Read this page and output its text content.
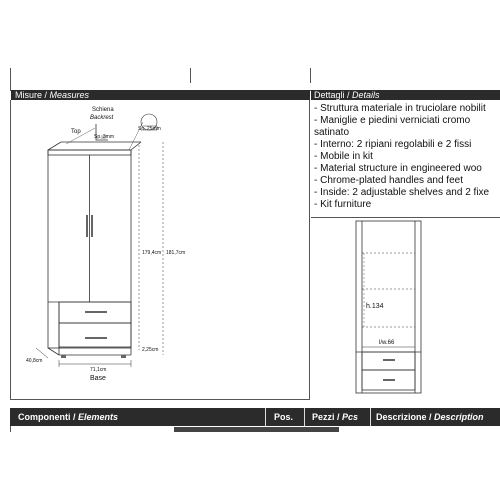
Misure / Measures	Dettagli / Details
- Struttura materiale in truciolare nobilit
- Maniglie e piedini verniciati cromo
satinato
- Interno: 2 ripiani regolabili e 2 fissi
- Mobile in kit
- Material structure in engineered woo
- Chrome-plated handles and feet
- Inside: 2 adjustable shelves and 2 fixe
- Kit furniture
Schiena
Backrest
Top
Sp. 3mm
Sp. 25mm
179,4cm 181,7cm
2,25cm
40,8cm
71,1cm
Base
h.134
l/w.66
Componenti / Elements	Pos. Pezzi / Pcs Descrizione / Description
